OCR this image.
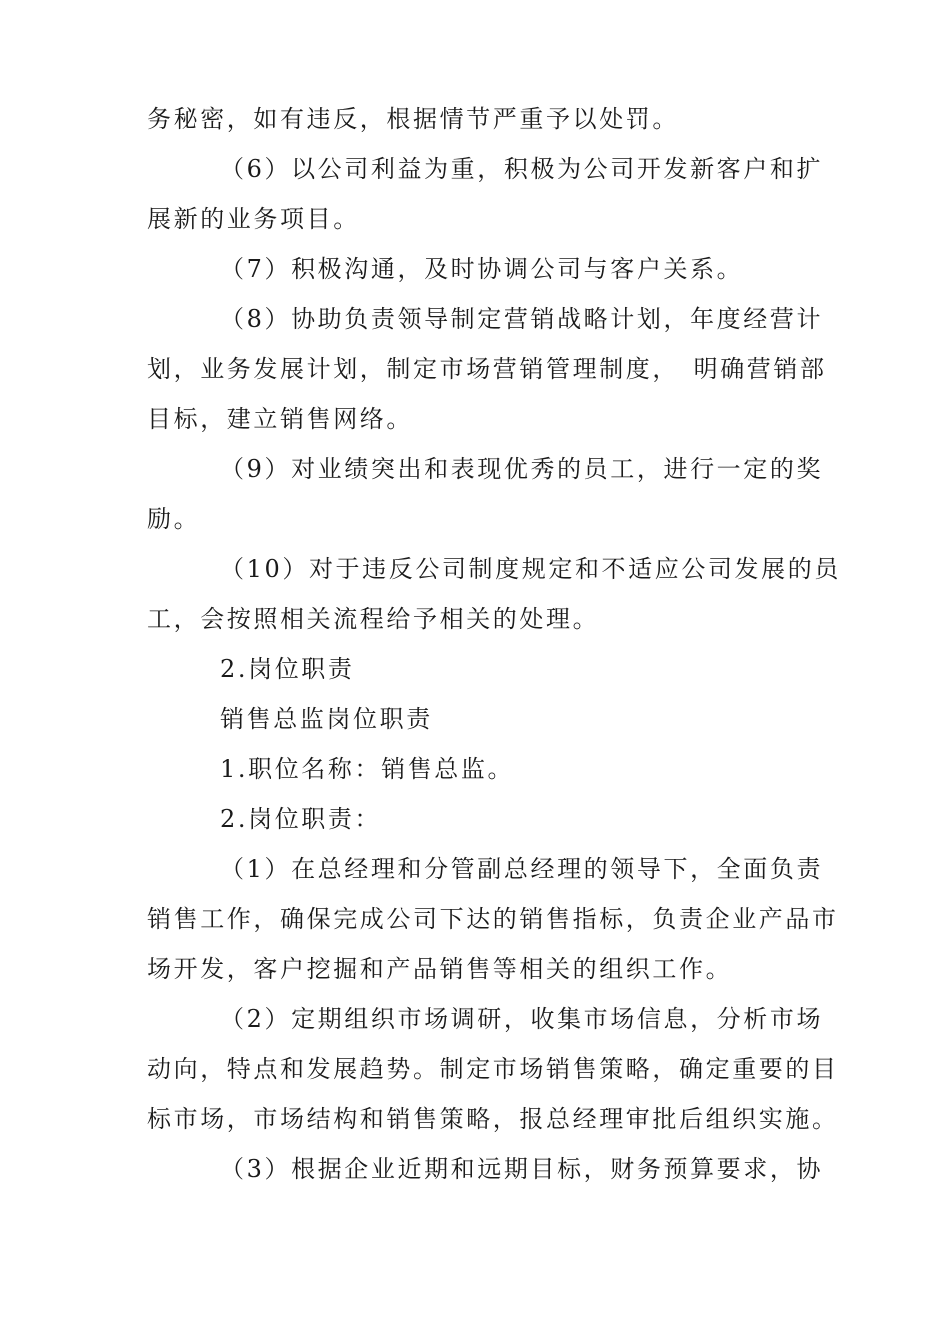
务秘密，如有违反，根据情节严重予以处罚。
（6）以公司利益为重，积极为公司开发新客户和扩
展新的业务项目。
（7）积极沟通，及时协调公司与客户关系。
（8）协助负责领导制定营销战略计划，年度经营计
划，业务发展计划，制定市场营销管理制度，　明确营销部
目标，建立销售网络。
（9）对业绩突出和表现优秀的员工，进行一定的奖
励。
（10）对于违反公司制度规定和不适应公司发展的员
工，会按照相关流程给予相关的处理。
2.岗位职责
销售总监岗位职责
1.职位名称：销售总监。
2.岗位职责：
（1）在总经理和分管副总经理的领导下，全面负责
销售工作，确保完成公司下达的销售指标，负责企业产品市
场开发，客户挖掘和产品销售等相关的组织工作。
（2）定期组织市场调研，收集市场信息，分析市场
动向，特点和发展趋势。制定市场销售策略，确定重要的目
标市场，市场结构和销售策略，报总经理审批后组织实施。
（3）根据企业近期和远期目标，财务预算要求，协
